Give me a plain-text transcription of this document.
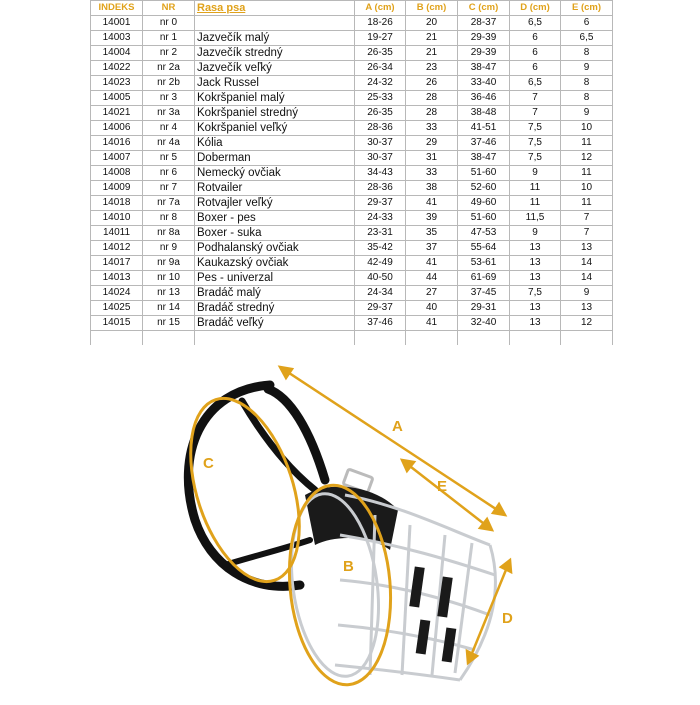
INDEKS	NR	Rasa psa	A (cm)	B (cm)	C (cm)	D (cm)	E (cm)
14001	nr 0		18-26	20	28-37	6,5	6
14003	nr 1	Jazvečík malý	19-27	21	29-39	6	6,5
14004	nr 2	Jazvečík stredný	26-35	21	29-39	6	8
14022	nr 2a	Jazvečík veľký	26-34	23	38-47	6	9
14023	nr 2b	Jack Russel	24-32	26	33-40	6,5	8
14005	nr 3	Kokršpaniel malý	25-33	28	36-46	7	8
14021	nr 3a	Kokršpaniel stredný	26-35	28	38-48	7	9
14006	nr 4	Kokršpaniel veľký	28-36	33	41-51	7,5	10
14016	nr 4a	Kólia	30-37	29	37-46	7,5	11
14007	nr 5	Doberman	30-37	31	38-47	7,5	12
14008	nr 6	Nemecký ovčiak	34-43	33	51-60	9	11
14009	nr 7	Rotvailer	28-36	38	52-60	11	10
14018	nr 7a	Rotvajler veľký	29-37	41	49-60	11	11
14010	nr 8	Boxer - pes	24-33	39	51-60	11,5	7
14011	nr 8a	Boxer - suka	23-31	35	47-53	9	7
14012	nr 9	Podhalanský ovčiak	35-42	37	55-64	13	13
14017	nr 9a	Kaukazský ovčiak	42-49	41	53-61	13	14
14013	nr 10	Pes - univerzal	40-50	44	61-69	13	14
14024	nr 13	Bradáč malý	24-34	27	37-45	7,5	9
14025	nr 14	Bradáč stredný	29-37	40	29-31	13	13
14015	nr 15	Bradáč veľký	37-46	41	32-40	13	12

A
E
C
B
D
